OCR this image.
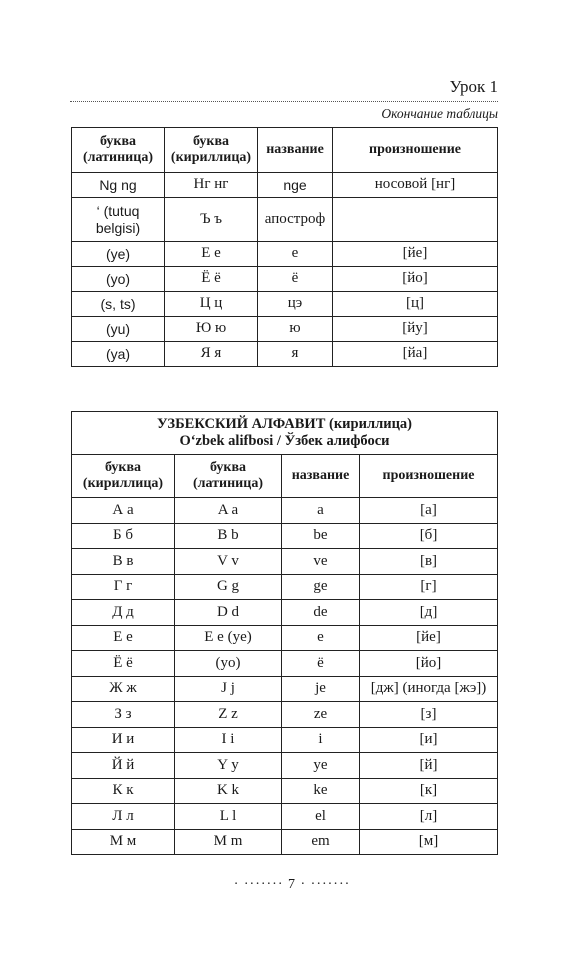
Урок 1
Окончание таблицы
буква (латиница)	буква (кириллица)	название	произношение
Ng ng	Нг нг	nge	носовой [нг]
‘ (tutuq belgisi)	Ъ ъ	апостроф	
(ye)	Е е	е	[йе]
(yo)	Ё ё	ё	[йо]
(s, ts)	Ц ц	цэ	[ц]
(yu)	Ю ю	ю	[йу]
(ya)	Я я	я	[йа]
УЗБЕКСКИЙ АЛФАВИТ (кириллица)
O‘zbek alifbosi / Ўзбек алифбоси			

буква (кириллица)	буква (латиница)	название	произношение
А а	A a	a	[а]
Б б	B b	be	[б]
В в	V v	ve	[в]
Г г	G g	ge	[г]
Д д	D d	de	[д]
Е е	E e (ye)	e	[йе]
Ё ё	(yo)	ё	[йо]
Ж ж	J j	je	[дж] (иногда [жэ])
З з	Z z	ze	[з]
И и	I i	i	[и]
Й й	Y y	ye	[й]
К к	K k	ke	[к]
Л л	L l	el	[л]
М м	M m	em	[м]
· ······· 7 · ·······
